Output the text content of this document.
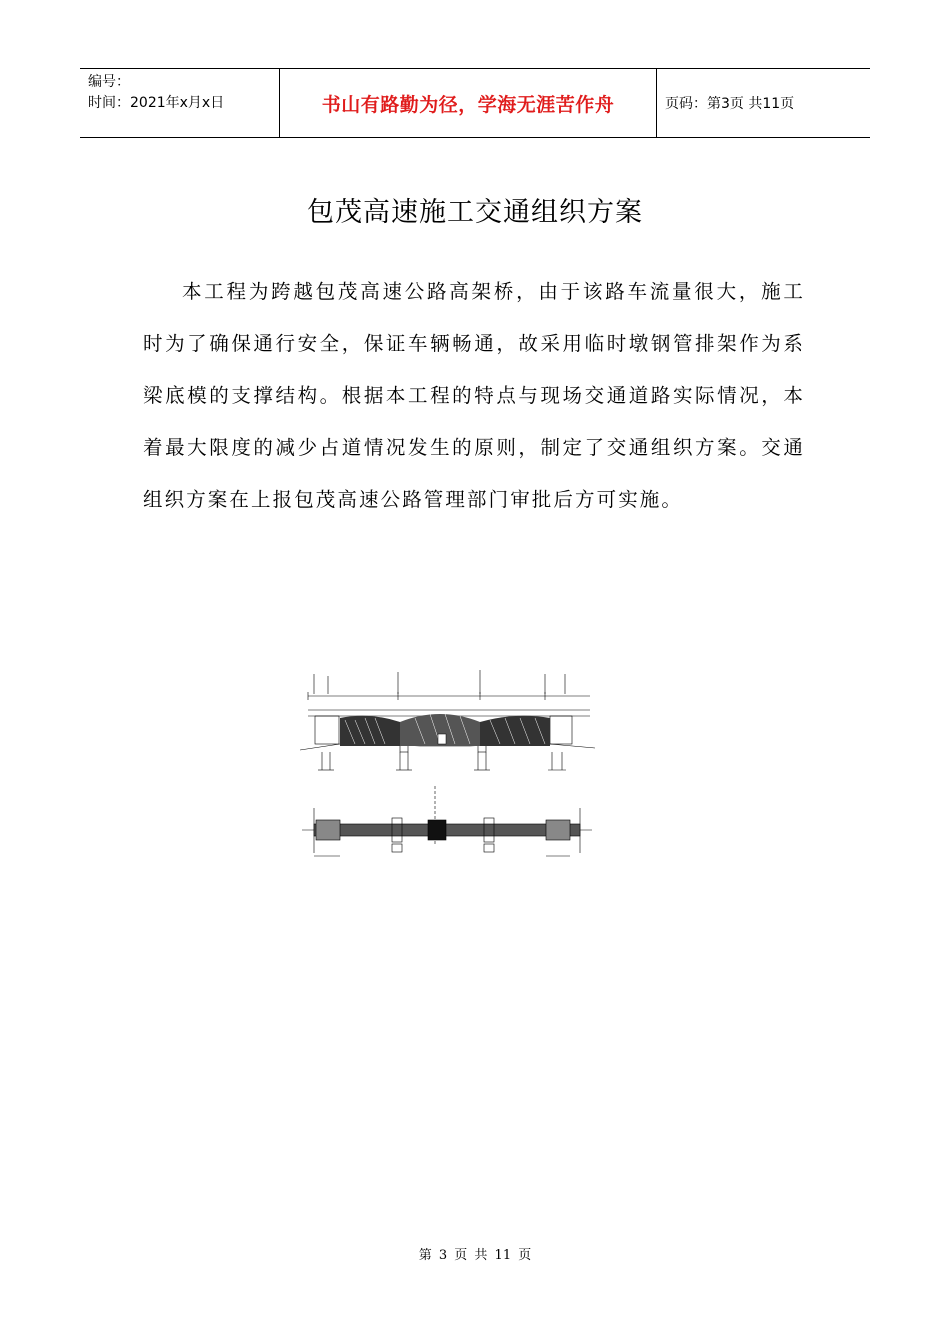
编号：
时间：2021年x月x日	书山有路勤为径，学海无涯苦作舟	页码：第3页 共11页
包茂高速施工交通组织方案

本工程为跨越包茂高速公路高架桥，由于该路车流量很大，施工时为了确保通行安全，保证车辆畅通，故采用临时墩钢管排架作为系梁底模的支撑结构。根据本工程的特点与现场交通道路实际情况，本着最大限度的减少占道情况发生的原则，制定了交通组织方案。交通组织方案在上报包茂高速公路管理部门审批后方可实施。

第 3 页 共 11 页
